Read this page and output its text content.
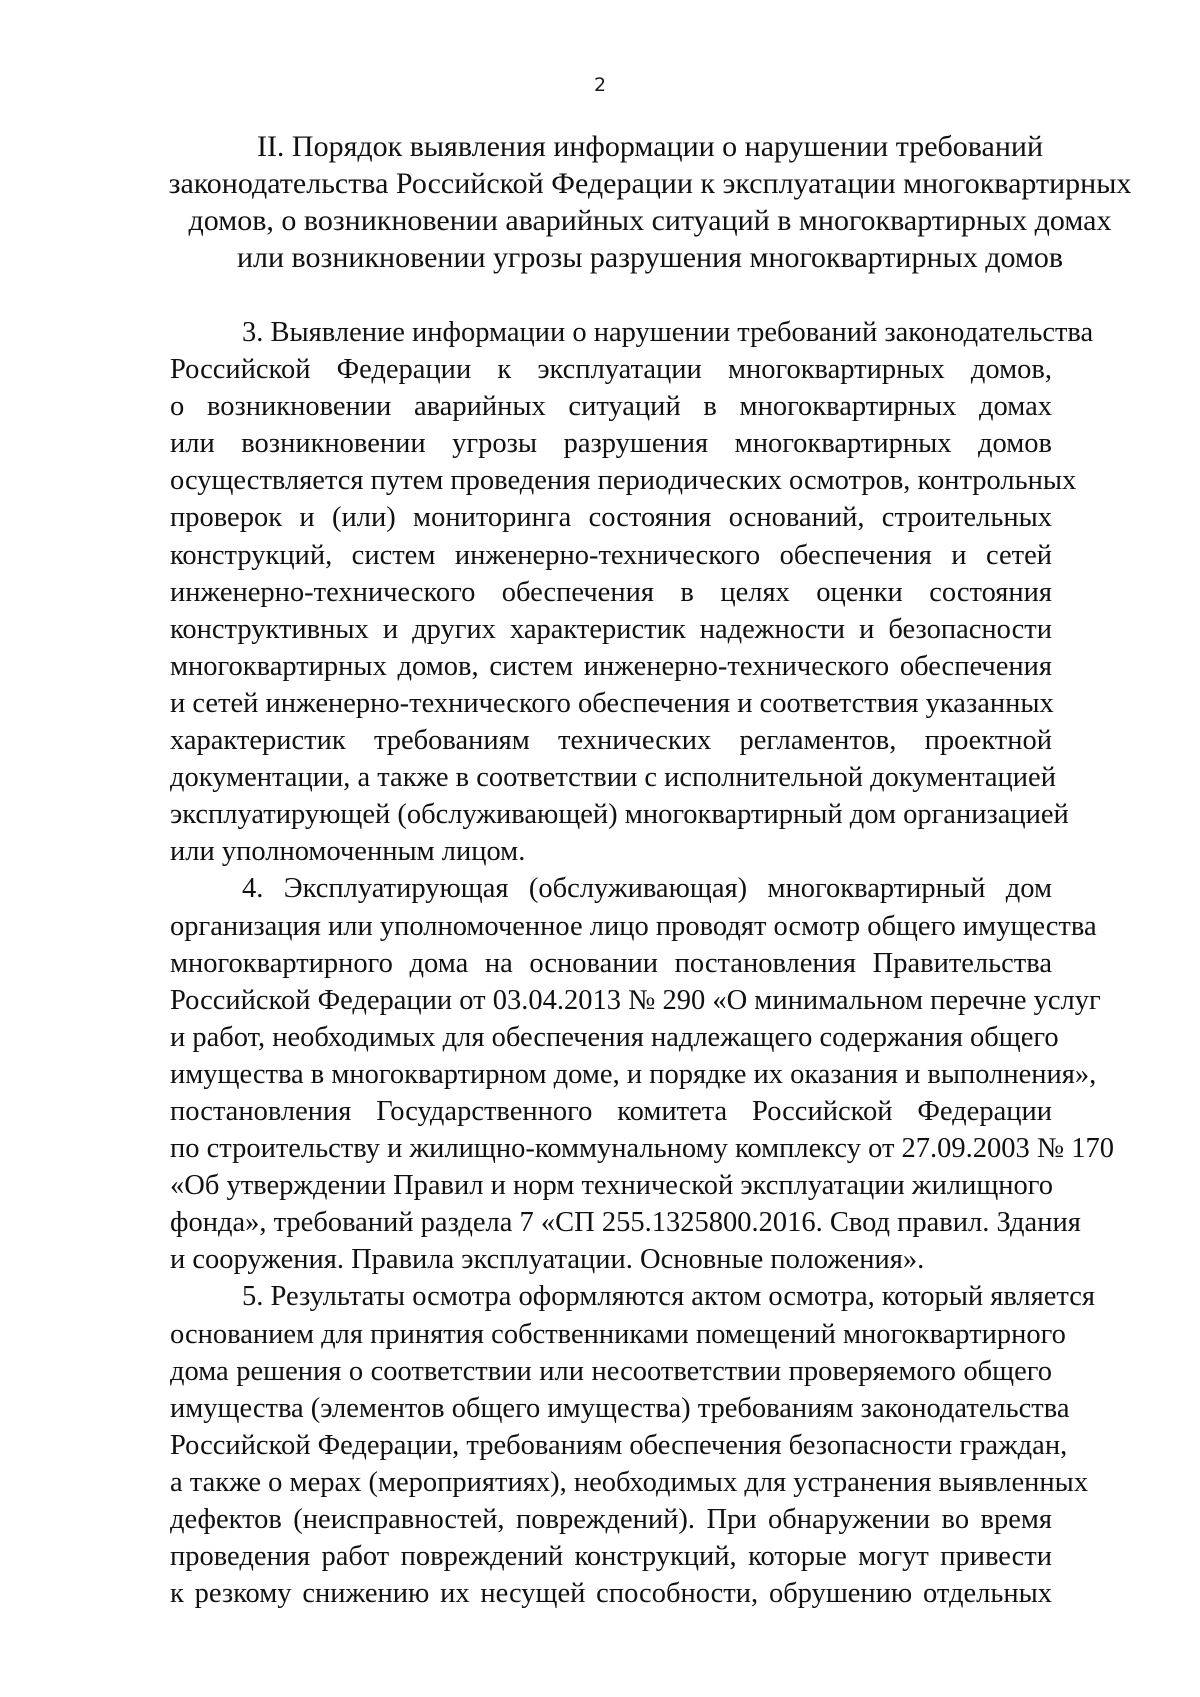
2
II. Порядок выявления информации о нарушении требований
законодательства Российской Федерации к эксплуатации многоквартирных
домов, о возникновении аварийных ситуаций в многоквартирных домах
или возникновении угрозы разрушения многоквартирных домов

3. Выявление информации о нарушении требований законодательства
Российской Федерации к эксплуатации многоквартирных домов,
о возникновении аварийных ситуаций в многоквартирных домах
или возникновении угрозы разрушения многоквартирных домов
осуществляется путем проведения периодических осмотров, контрольных
проверок и (или) мониторинга состояния оснований, строительных
конструкций, систем инженерно-технического обеспечения и сетей
инженерно-технического обеспечения в целях оценки состояния
конструктивных и других характеристик надежности и безопасности
многоквартирных домов, систем инженерно-технического обеспечения
и сетей инженерно-технического обеспечения и соответствия указанных
характеристик требованиям технических регламентов, проектной
документации, а также в соответствии с исполнительной документацией
эксплуатирующей (обслуживающей) многоквартирный дом организацией
или уполномоченным лицом.

4. Эксплуатирующая (обслуживающая) многоквартирный дом
организация или уполномоченное лицо проводят осмотр общего имущества
многоквартирного дома на основании постановления Правительства
Российской Федерации от 03.04.2013 № 290 «О минимальном перечне услуг
и работ, необходимых для обеспечения надлежащего содержания общего
имущества в многоквартирном доме, и порядке их оказания и выполнения»,
постановления Государственного комитета Российской Федерации
по строительству и жилищно-коммунальному комплексу от 27.09.2003 № 170
«Об утверждении Правил и норм технической эксплуатации жилищного
фонда», требований раздела 7 «СП 255.1325800.2016. Свод правил. Здания
и сооружения. Правила эксплуатации. Основные положения».

5. Результаты осмотра оформляются актом осмотра, который является
основанием для принятия собственниками помещений многоквартирного
дома решения о соответствии или несоответствии проверяемого общего
имущества (элементов общего имущества) требованиям законодательства
Российской Федерации, требованиям обеспечения безопасности граждан,
а также о мерах (мероприятиях), необходимых для устранения выявленных
дефектов (неисправностей, повреждений). При обнаружении во время
проведения работ повреждений конструкций, которые могут привести
к резкому снижению их несущей способности, обрушению отдельных
